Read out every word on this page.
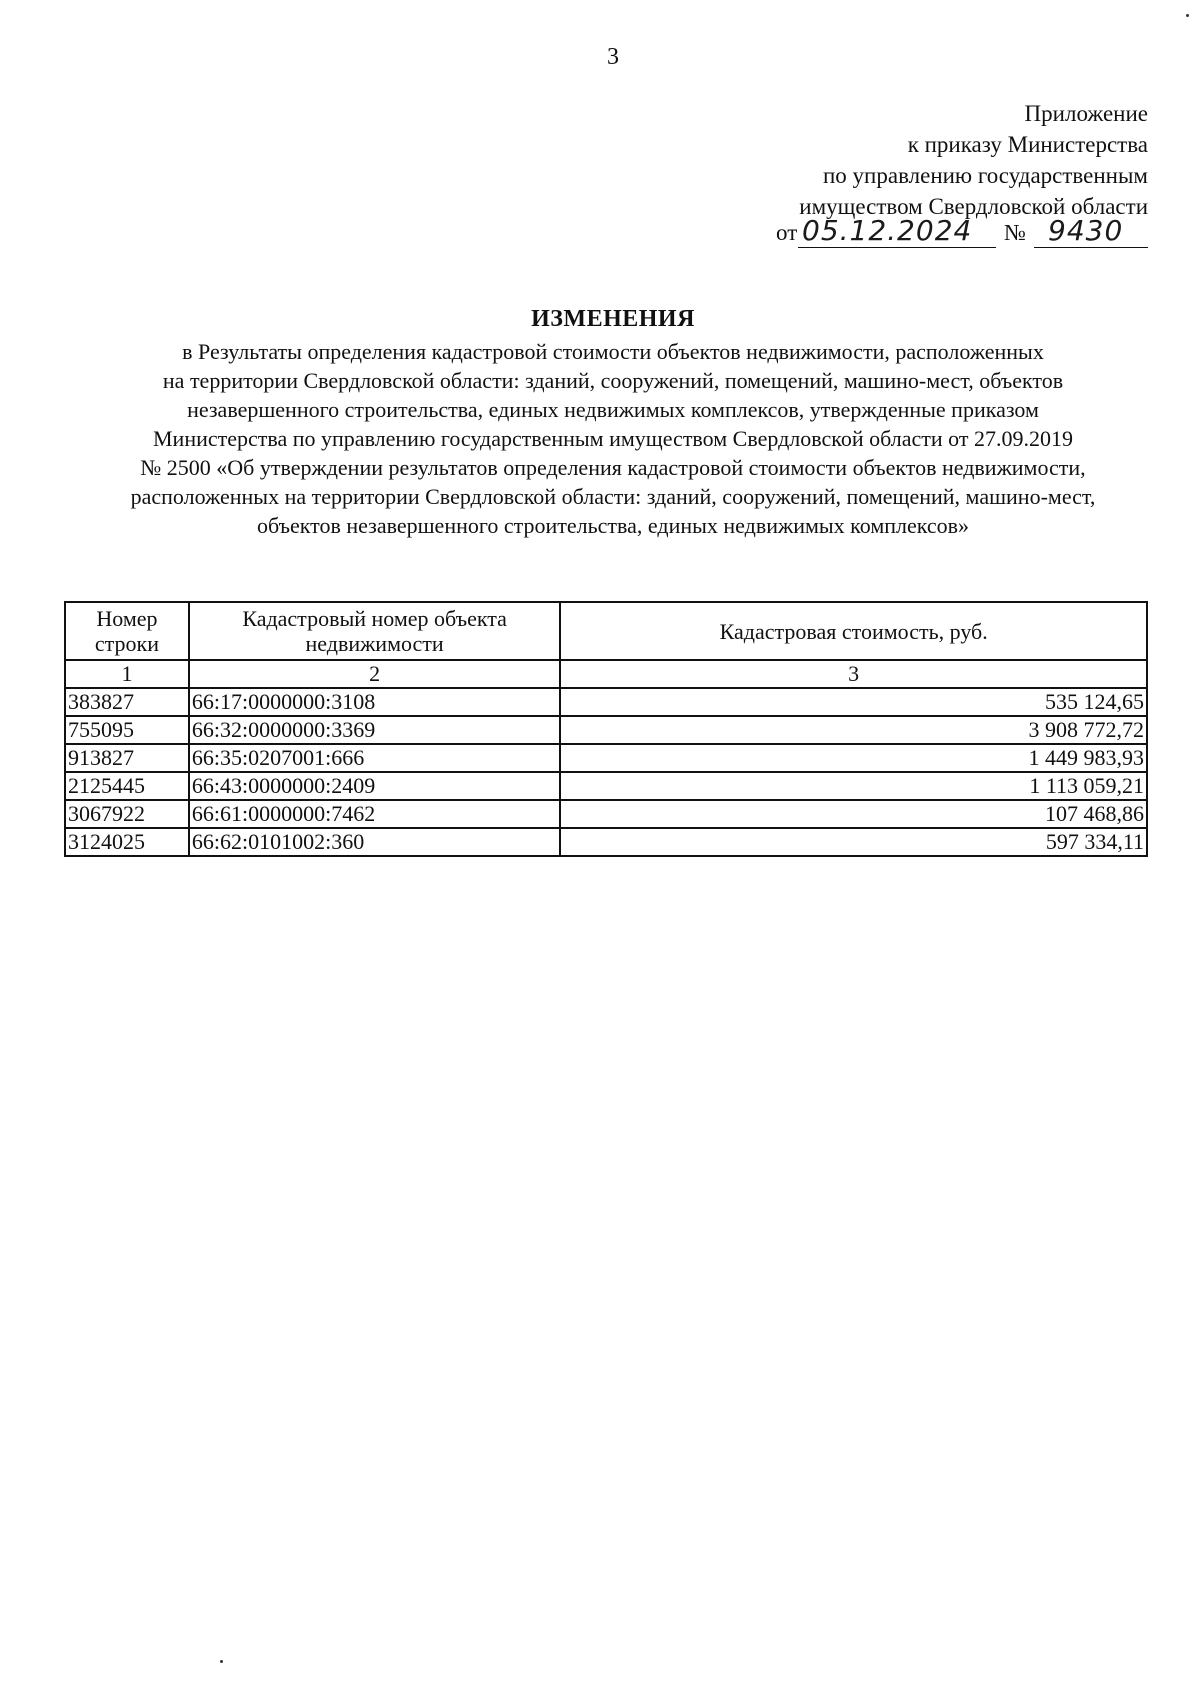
3
Приложение
к приказу Министерства
по управлению государственным
имуществом Свердловской области
от 05.12.2024 № 9430
ИЗМЕНЕНИЯ
в Результаты определения кадастровой стоимости объектов недвижимости, расположенных
на территории Свердловской области: зданий, сооружений, помещений, машино-мест, объектов
незавершенного строительства, единых недвижимых комплексов, утвержденные приказом
Министерства по управлению государственным имуществом Свердловской области от 27.09.2019
№ 2500 «Об утверждении результатов определения кадастровой стоимости объектов недвижимости,
расположенных на территории Свердловской области: зданий, сооружений, помещений, машино-мест,
объектов незавершенного строительства, единых недвижимых комплексов»
Номер строки	Кадастровый номер объекта недвижимости	Кадастровая стоимость, руб.
1	2	3
383827	66:17:0000000:3108	535 124,65
755095	66:32:0000000:3369	3 908 772,72
913827	66:35:0207001:666	1 449 983,93
2125445	66:43:0000000:2409	1 113 059,21
3067922	66:61:0000000:7462	107 468,86
3124025	66:62:0101002:360	597 334,11
